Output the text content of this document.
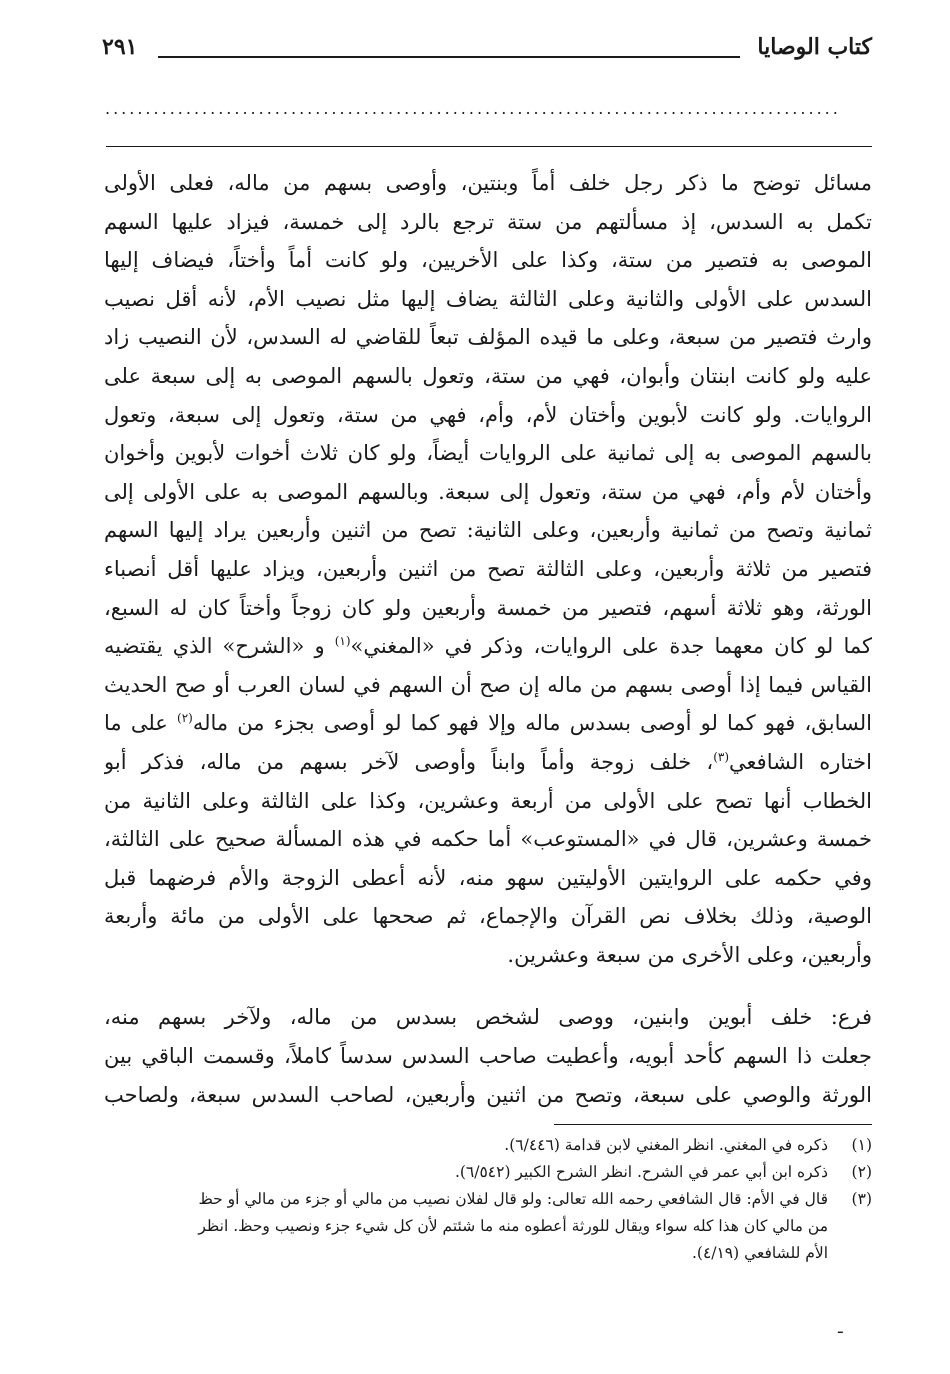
كتاب الوصايا
٢٩١
...........................................................................................
مسائل توضح ما ذكر رجل خلف أماً وبنتين، وأوصى بسهم من ماله، فعلى الأولى
تكمل به السدس، إذ مسألتهم من ستة ترجع بالرد إلى خمسة، فيزاد عليها السهم
الموصى به فتصير من ستة، وكذا على الأخريين، ولو كانت أماً وأختاً، فيضاف إليها
السدس على الأولى والثانية وعلى الثالثة يضاف إليها مثل نصيب الأم، لأنه أقل نصيب
وارث فتصير من سبعة، وعلى ما قيده المؤلف تبعاً للقاضي له السدس، لأن النصيب زاد
عليه ولو كانت ابنتان وأبوان، فهي من ستة، وتعول بالسهم الموصى به إلى سبعة على
الروايات. ولو كانت لأبوين وأختان لأم، وأم، فهي من ستة، وتعول إلى سبعة، وتعول
بالسهم الموصى به إلى ثمانية على الروايات أيضاً، ولو كان ثلاث أخوات لأبوين وأخوان
وأختان لأم وأم، فهي من ستة، وتعول إلى سبعة. وبالسهم الموصى به على الأولى إلى
ثمانية وتصح من ثمانية وأربعين، وعلى الثانية: تصح من اثنين وأربعين يراد إليها السهم
فتصير من ثلاثة وأربعين، وعلى الثالثة تصح من اثنين وأربعين، ويزاد عليها أقل أنصباء
الورثة، وهو ثلاثة أسهم، فتصير من خمسة وأربعين ولو كان زوجاً وأختاً كان له السبع،
كما لو كان معهما جدة على الروايات، وذكر في «المغني»$^{(١)}$ و «الشرح» الذي يقتضيه
القياس فيما إذا أوصى بسهم من ماله إن صح أن السهم في لسان العرب أو صح الحديث
السابق، فهو كما لو أوصى بسدس ماله وإلا فهو كما لو أوصى بجزء من ماله$^{(٢)}$ على ما
اختاره الشافعي$^{(٣)}$، خلف زوجة وأماً وابناً وأوصى لآخر بسهم من ماله، فذكر أبو
الخطاب أنها تصح على الأولى من أربعة وعشرين، وكذا على الثالثة وعلى الثانية من
خمسة وعشرين، قال في «المستوعب» أما حكمه في هذه المسألة صحيح على الثالثة،
وفي حكمه على الروايتين الأوليتين سهو منه، لأنه أعطى الزوجة والأم فرضهما قبل
الوصية، وذلك بخلاف نص القرآن والإجماع، ثم صححها على الأولى من مائة وأربعة
وأربعين، وعلى الأخرى من سبعة وعشرين.
فرع: خلف أبوين وابنين، ووصى لشخص بسدس من ماله، ولآخر بسهم منه،
جعلت ذا السهم كأحد أبويه، وأعطيت صاحب السدس سدساً كاملاً، وقسمت الباقي بين
الورثة والوصي على سبعة، وتصح من اثنين وأربعين، لصاحب السدس سبعة، ولصاحب
(١)
ذكره في المغني. انظر المغني لابن قدامة (٦/٤٤٦).
(٢)
ذكره ابن أبي عمر في الشرح. انظر الشرح الكبير (٦/٥٤٢).
(٣)
قال في الأم: قال الشافعي رحمه الله تعالى: ولو قال لفلان نصيب من مالي أو جزء من مالي أو حظ
من مالي كان هذا كله سواء ويقال للورثة أعطوه منه ما شئتم لأن كل شيء جزء ونصيب وحظ. انظر
الأم للشافعي (٤/١٩).
ـ
